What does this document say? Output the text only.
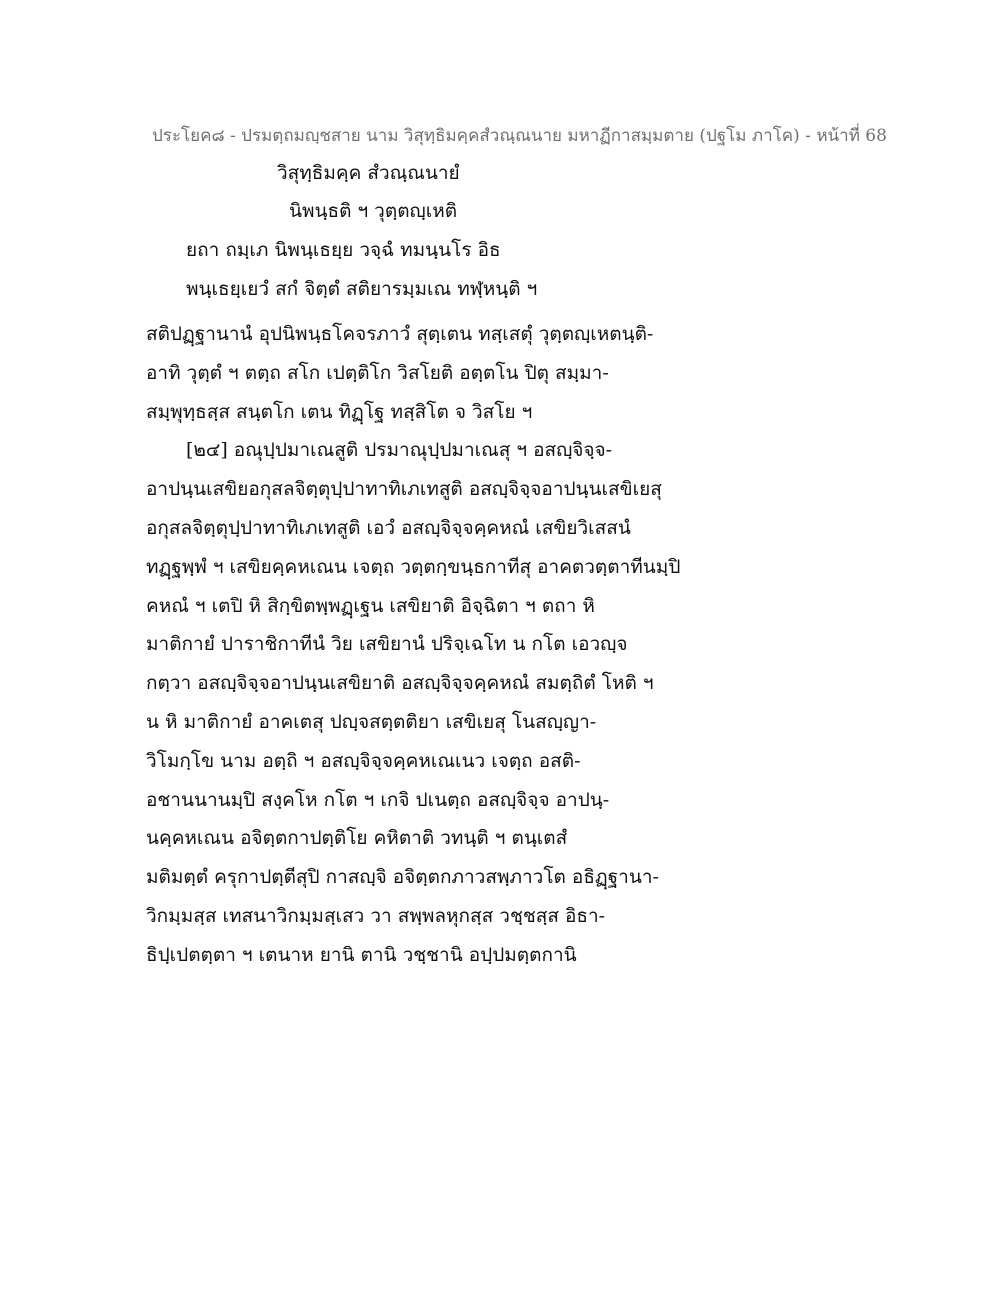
ประโยค๘ - ปรมตฺถมญฺชสาย นาม วิสุทฺธิมคฺคสํวณฺณนาย มหาฏีกาสมฺมตาย (ปฐโม ภาโค) - หน้าที่ 68
วิสุทฺธิมคฺค สํวณฺณนายํ
นิพนฺธติ ฯ วุตฺตญฺเหติ
ยถา ถมฺเภ นิพนฺเธยฺย วจฺฉํ ทมนฺนโร อิธ
พนฺเธยฺเยวํ สกํ จิตฺตํ สติยารมฺมเณ ทฬฺหนฺติ ฯ
สติปฏฺฐานานํ อุปนิพนฺธโคจรภาวํ สุตฺเตน ทสฺเสตุํ วุตฺตญฺเหตนฺติ-
อาทิ วุตฺตํ ฯ ตตฺถ สโก เปตฺติโก วิสโยติ อตฺตโน ปิตุ สมฺมา-
สมฺพุทฺธสฺส สนฺตโก เตน ทิฏฺโฐ ทสฺสิโต จ วิสโย ฯ
[๒๔] อณุปฺปมาเณสูติ ปรมาณุปฺปมาเณสุ ฯ อสญฺจิจฺจ-
อาปนฺนเสขิยอกุสลจิตฺตุปฺปาทาทิเภเทสูติ อสญฺจิจฺจอาปนฺนเสขิเยสุ
อกุสลจิตฺตุปฺปาทาทิเภเทสูติ เอวํ อสญฺจิจฺจคฺคหณํ เสขิยวิเสสนํ
ทฏฺฐพฺพํ ฯ เสขิยคฺคหเณน เจตฺถ วตฺตกฺขนฺธกาทีสุ อาคตวตฺตาทีนมฺปิ
คหณํ ฯ เตปิ หิ สิกฺขิตพฺพฏฺเฐน เสขิยาติ อิจฺฉิตา ฯ ตถา หิ
มาติกายํ ปาราชิกาทีนํ วิย เสขิยานํ ปริจฺเฉโท น กโต เอวญฺจ
กตฺวา อสญฺจิจฺจอาปนฺนเสขิยาติ อสญฺจิจฺจคฺคหณํ สมตฺถิตํ โหติ ฯ
น หิ มาติกายํ อาคเตสุ ปญฺจสตฺตติยา เสขิเยสุ โนสญฺญา-
วิโมกฺโข นาม อตฺถิ ฯ อสญฺจิจฺจคฺคหเณเนว เจตฺถ อสติ-
อชานนานมฺปิ สงฺคโห กโต ฯ เกจิ ปเนตฺถ อสญฺจิจฺจ อาปนฺ-
นคฺคหเณน อจิตฺตกาปตฺติโย คหิตาติ วทนฺติ ฯ ตนฺเตสํ
มติมตฺตํ ครุกาปตฺตีสุปิ กาสญฺจิ อจิตฺตกภาวสพฺภาวโต อธิฏฺฐานา-
วิกมฺมสฺส เทสนาวิกมฺมสฺเสว วา สพฺพลหุกสฺส วชฺชสฺส อิธา-
ธิปฺเปตตฺตา ฯ เตนาห ยานิ ตานิ วชฺชานิ อปฺปมตฺตกานิ
